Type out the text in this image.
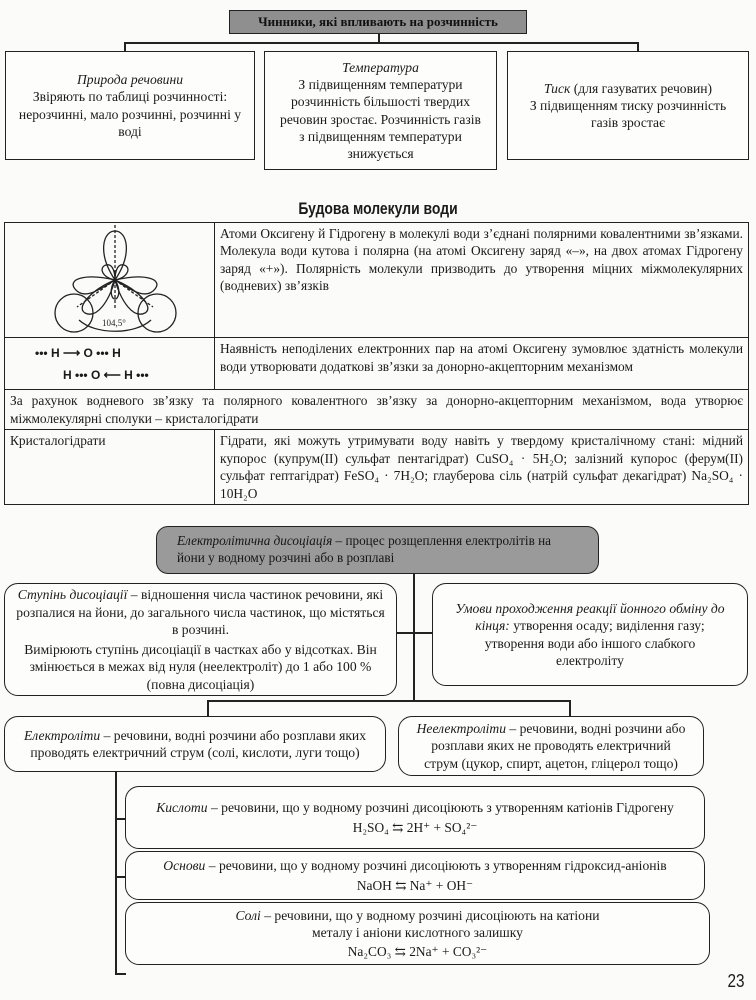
Чинники, які впливають на розчинність
Природа речовини
Звіряють по таблиці розчинності: нерозчинні, мало розчинні, розчинні у воді
Температура
З підвищенням температури розчинність більшості твердих речовин зростає. Розчинність газів з підвищенням температури знижується
Тиск (для газуватих речовин)
З підвищенням тиску розчинність газів зростає
Будова молекули води
104,5°	Атоми Оксигену й Гідрогену в молекулі води з’єднані полярними ковалентними зв’язками. Молекула води кутова і полярна (на атомі Оксигену заряд «–», на двох атомах Гідрогену заряд «+»). Полярність молекули призводить до утворення міцних міжмолекулярних (водневих) зв’язків

••• H ⟶ O ••• H
H ••• O ⟵ H •••	Наявність неподілених електронних пар на атомі Оксигену зумовлює здатність молекули води утворювати додаткові зв’язки за донорно-акцепторним механізмом
За рахунок водневого зв’язку та полярного ковалентного зв’язку за донорно-акцепторним механізмом, вода утворює міжмолекулярні сполуки – кристалогідрати	
Кристалогідрати	Гідрати, які можуть утримувати воду навіть у твердому кристалічному стані: мідний купорос (купрум(II) сульфат пентагідрат) CuSO₄ · 5H₂O; залізний купорос (ферум(II) сульфат гептагідрат) FeSO₄ · 7H₂O; глауберова сіль (натрій сульфат декагідрат) Na₂SO₄ · 10H₂O
Електролітична дисоціація – процес розщеплення електролітів на йони у водному розчині або в розплаві
Ступінь дисоціації – відношення числа частинок речовини, які розпалися на йони, до загального числа частинок, що містяться в розчині.
Вимірюють ступінь дисоціації в частках або у відсотках. Він змінюється в межах від нуля (неелектроліт) до 1 або 100 % (повна дисоціація)
Умови проходження реакції йонного обміну до кінця: утворення осаду; виділення газу; утворення води або іншого слабкого електроліту
Електроліти – речовини, водні розчини або розплави яких проводять електричний струм (солі, кислоти, луги тощо)
Неелектроліти – речовини, водні розчини або розплави яких не проводять електричний струм (цукор, спирт, ацетон, гліцерол тощо)
Кислоти – речовини, що у водному розчині дисоціюють з утворенням катіонів Гідрогену
H₂SO₄ ⇆ 2H⁺ + SO₄²⁻
Основи – речовини, що у водному розчині дисоціюють з утворенням гідроксид-аніонів
NaOH ⇆ Na⁺ + OH⁻
Солі – речовини, що у водному розчині дисоціюють на катіони металу і аніони кислотного залишку
Na₂CO₃ ⇆ 2Na⁺ + CO₃²⁻
23
